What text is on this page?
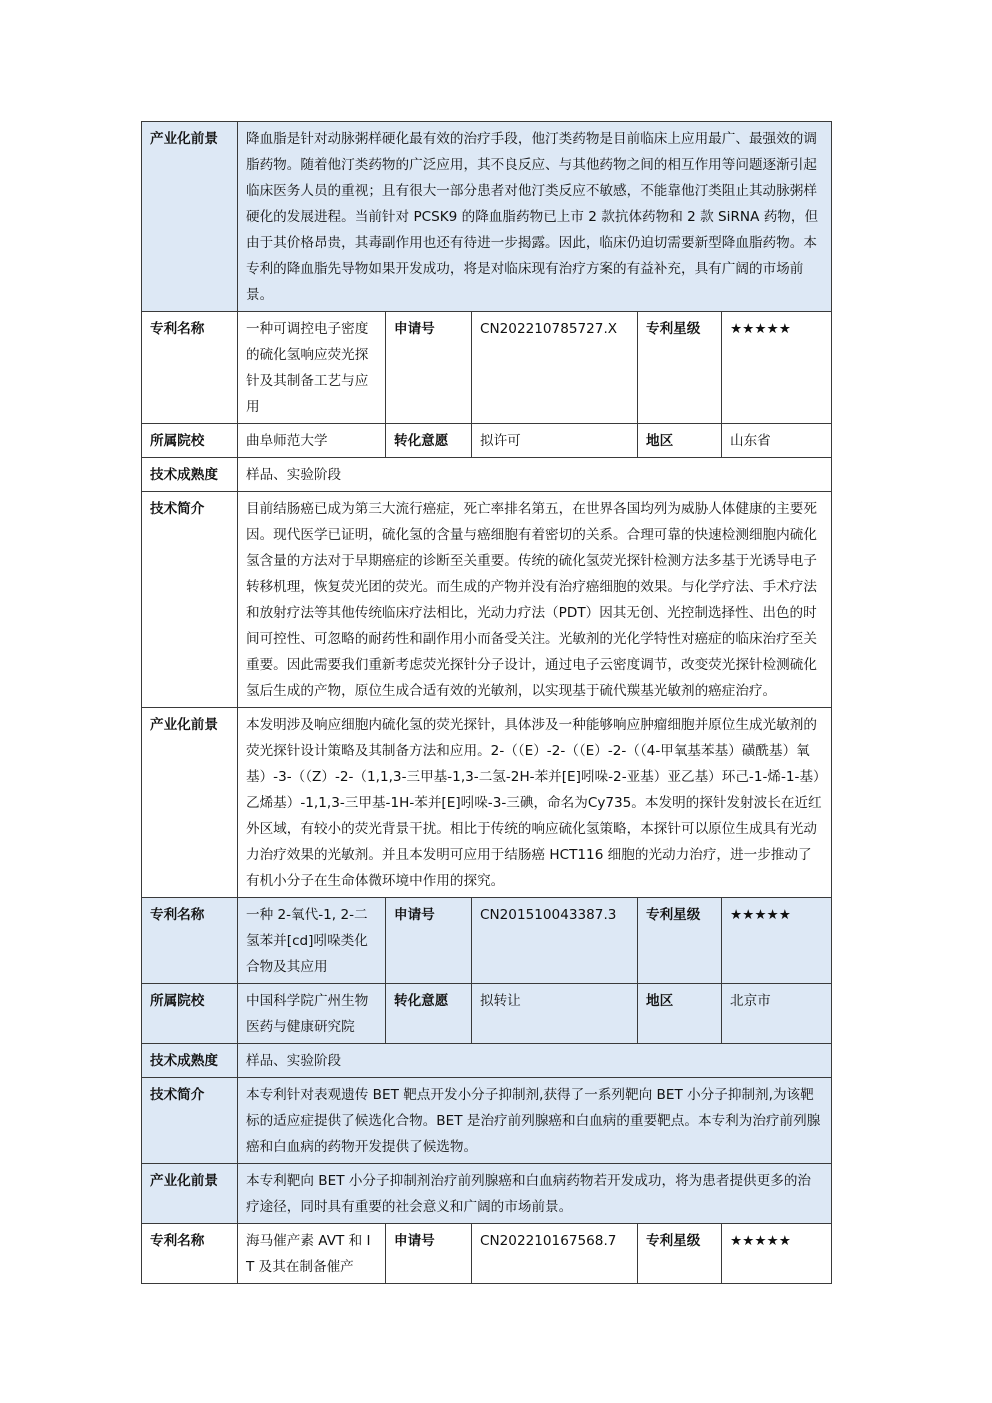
产业化前景	降血脂是针对动脉粥样硬化最有效的治疗手段，他汀类药物是目前临床上应用最广、最强效的调脂药物。随着他汀类药物的广泛应用，其不良反应、与其他药物之间的相互作用等问题逐渐引起临床医务人员的重视；且有很大一部分患者对他汀类反应不敏感，不能靠他汀类阻止其动脉粥样硬化的发展进程。当前针对 PCSK9 的降血脂药物已上市 2 款抗体药物和 2 款 SiRNA 药物，但由于其价格昂贵，其毒副作用也还有待进一步揭露。因此，临床仍迫切需要新型降血脂药物。本专利的降血脂先导物如果开发成功，将是对临床现有治疗方案的有益补充，具有广阔的市场前景。				
专利名称	一种可调控电子密度的硫化氢响应荧光探针及其制备工艺与应用	申请号	CN202210785727.X	专利星级	★★★★★
所属院校	曲阜师范大学	转化意愿	拟许可	地区	山东省
技术成熟度	样品、实验阶段				
技术简介	目前结肠癌已成为第三大流行癌症，死亡率排名第五，在世界各国均列为威胁人体健康的主要死因。现代医学已证明，硫化氢的含量与癌细胞有着密切的关系。合理可靠的快速检测细胞内硫化氢含量的方法对于早期癌症的诊断至关重要。传统的硫化氢荧光探针检测方法多基于光诱导电子转移机理，恢复荧光团的荧光。而生成的产物并没有治疗癌细胞的效果。与化学疗法、手术疗法和放射疗法等其他传统临床疗法相比，光动力疗法（PDT）因其无创、光控制选择性、出色的时间可控性、可忽略的耐药性和副作用小而备受关注。光敏剂的光化学特性对癌症的临床治疗至关重要。因此需要我们重新考虑荧光探针分子设计，通过电子云密度调节，改变荧光探针检测硫化氢后生成的产物，原位生成合适有效的光敏剂，以实现基于硫代羰基光敏剂的癌症治疗。				
产业化前景	本发明涉及响应细胞内硫化氢的荧光探针，具体涉及一种能够响应肿瘤细胞并原位生成光敏剂的荧光探针设计策略及其制备方法和应用。2-（（E）-2-（（E）-2-（（4-甲氧基苯基）磺酰基）氧基）-3-（（Z）-2-（1,1,3-三甲基-1,3-二氢-2H-苯并[E]吲哚-2-亚基）亚乙基）环己-1-烯-1-基）乙烯基）-1,1,3-三甲基-1H-苯并[E]吲哚-3-三碘，命名为Cy735。本发明的探针发射波长在近红外区域，有较小的荧光背景干扰。相比于传统的响应硫化氢策略，本探针可以原位生成具有光动力治疗效果的光敏剂。并且本发明可应用于结肠癌 HCT116 细胞的光动力治疗，进一步推动了有机小分子在生命体微环境中作用的探究。				
专利名称	一种 2-氧代-1, 2-二氢苯并[cd]吲哚类化合物及其应用	申请号	CN201510043387.3	专利星级	★★★★★
所属院校	中国科学院广州生物医药与健康研究院	转化意愿	拟转让	地区	北京市
技术成熟度	样品、实验阶段				
技术简介	本专利针对表观遗传 BET 靶点开发小分子抑制剂,获得了一系列靶向 BET 小分子抑制剂,为该靶标的适应症提供了候选化合物。BET 是治疗前列腺癌和白血病的重要靶点。本专利为治疗前列腺癌和白血病的药物开发提供了候选物。				
产业化前景	本专利靶向 BET 小分子抑制剂治疗前列腺癌和白血病药物若开发成功，将为患者提供更多的治疗途径，同时具有重要的社会意义和广阔的市场前景。				
专利名称	海马催产素 AVT 和 IT 及其在制备催产	申请号	CN202210167568.7	专利星级	★★★★★
